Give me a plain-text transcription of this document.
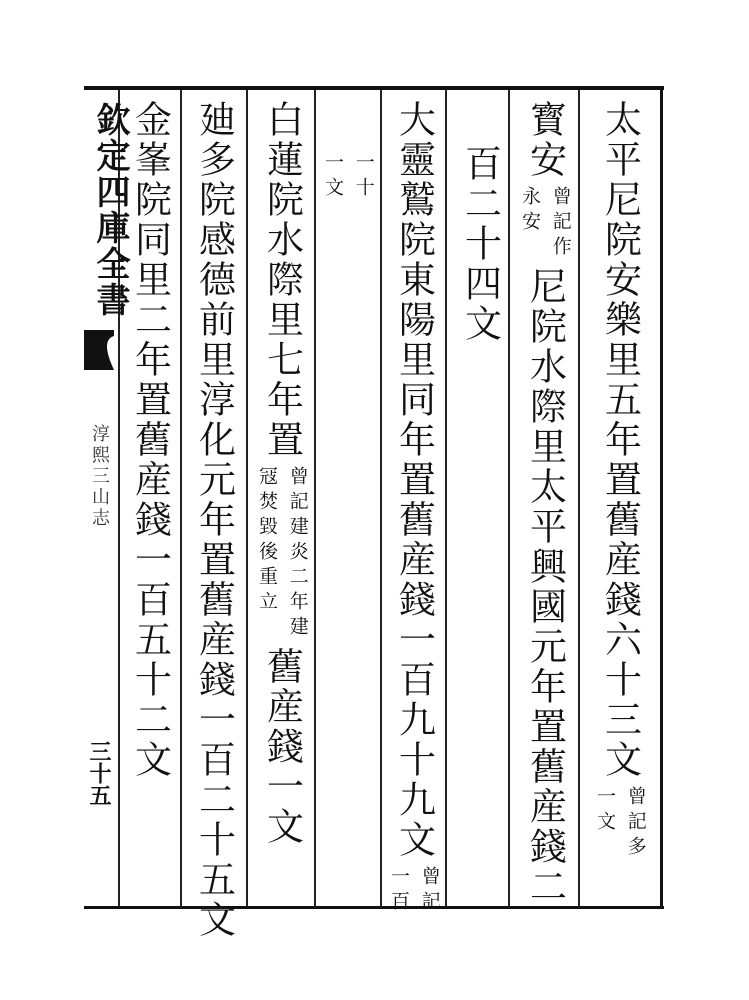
欽定四庫全書
淳熙三山志
三十五	太平尼院安樂里五年置舊産錢六十三文
曾記多
一文
寳安
曾記作
永安
尼院水際里太平興國元年置舊産錢二
百二十四文
大靈鷲院東陽里同年置舊産錢一百九十九文
曾記
一百
一十
一文
白蓮院水際里七年置
曾記建炎二年建
冦焚毀後重立
舊産錢一文
廸多院感德前里淳化元年置舊産錢一百二十五文
金峯院同里二年置舊産錢一百五十二文
